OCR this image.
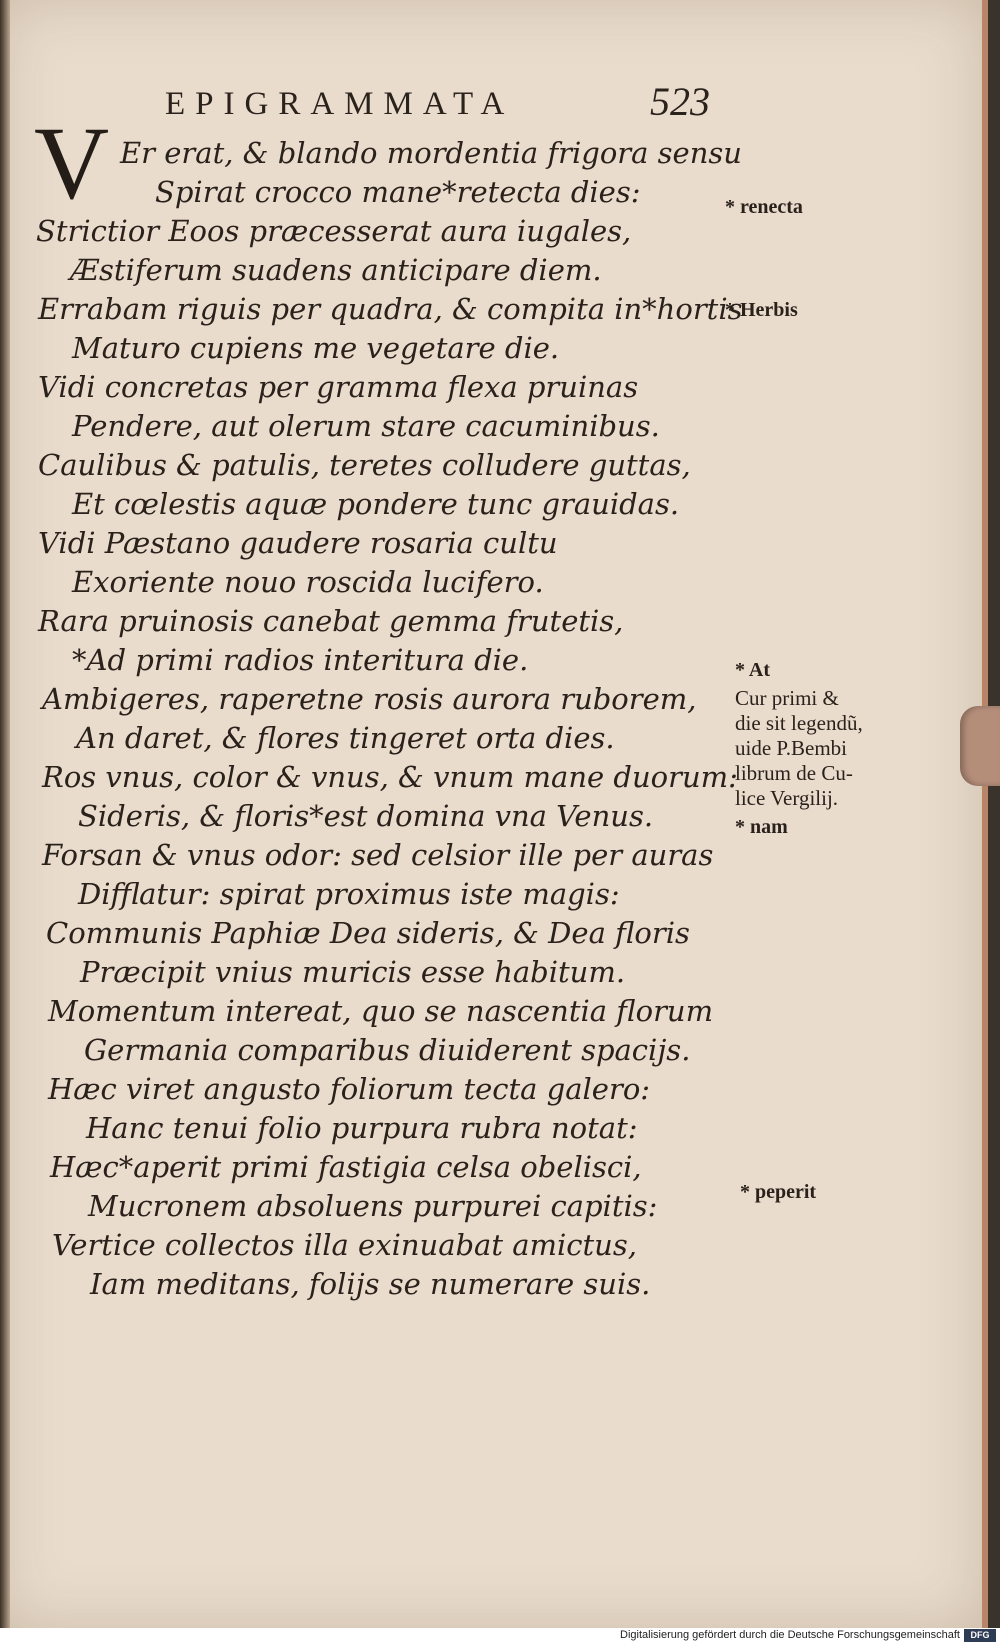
EPIGRAMMATA	523
V Er erat, & blando mordentia frigora sensu
Spirat crocco mane*retecta dies:
Strictior Eoos præcesserat aura iugales,
Æstiferum suadens anticipare diem.
Errabam riguis per quadra, & compita in*hortis
Maturo cupiens me vegetare die.
Vidi concretas per gramma flexa pruinas
Pendere, aut olerum stare cacuminibus.
Caulibus & patulis, teretes colludere guttas,
Et cœlestis aquæ pondere tunc grauidas.
Vidi Pæstano gaudere rosaria cultu
Exoriente nouo roscida lucifero.
Rara pruinosis canebat gemma frutetis,
*Ad primi radios interitura die.
Ambigeres, raperetne rosis aurora ruborem,
An daret, & flores tingeret orta dies.
Ros vnus, color & vnus, & vnum mane duorum:
Sideris, & floris*est domina vna Venus.
Forsan & vnus odor: sed celsior ille per auras
Difflatur: spirat proximus iste magis:
Communis Paphiæ Dea sideris, & Dea floris
Præcipit vnius muricis esse habitum.
Momentum intereat, quo se nascentia florum
Germania comparibus diuiderent spacijs.
Hæc viret angusto foliorum tecta galero:
Hanc tenui folio purpura rubra notat:
Hæc*aperit primi fastigia celsa obelisci,
Mucronem absoluens purpurei capitis:
Vertice collectos illa exinuabat amictus,
Iam meditans, folijs se numerare suis.
* renecta
* Herbis
* At
Cur primi &
die sit legendũ,
uide P.Bembi
librum de Cu-
lice Vergilij.
* nam
* peperit
Digitalisierung gefördert durch die Deutsche Forschungsgemeinschaft	DFG
